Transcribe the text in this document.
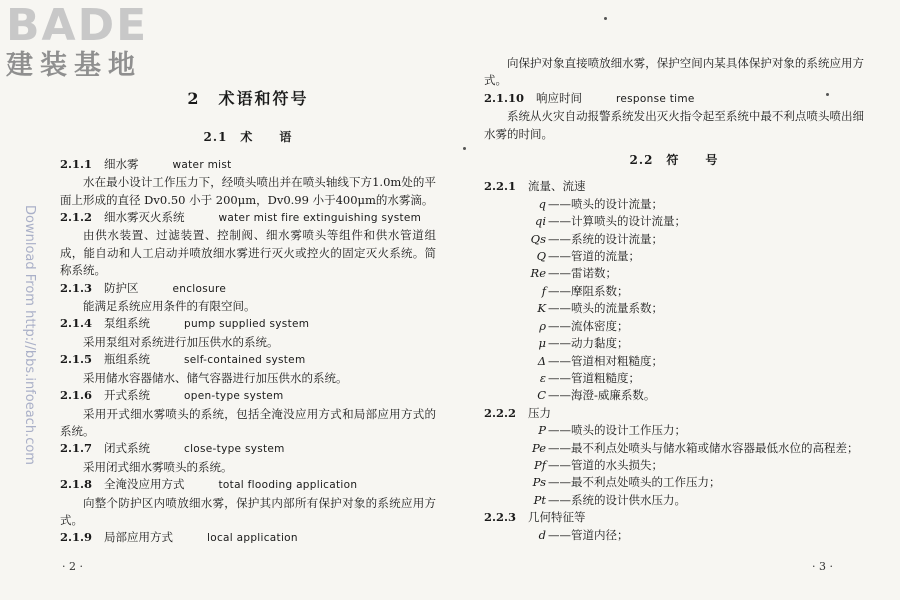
BADE
建装基地
Download From http://bbs.infoeach.com
2　术语和符号
2.1　术　　语
2.1.1 细水雾	water mist
水在最小设计工作压力下，经喷头喷出并在喷头轴线下方1.0m处的平面上形成的直径 Dv0.50 小于 200μm，Dv0.99 小于400μm的水雾滴。
2.1.2 细水雾灭火系统	water mist fire extinguishing system
由供水装置、过滤装置、控制阀、细水雾喷头等组件和供水管道组成，能自动和人工启动并喷放细水雾进行灭火或控火的固定灭火系统。简称系统。
2.1.3 防护区	enclosure
能满足系统应用条件的有限空间。
2.1.4 泵组系统	pump supplied system
采用泵组对系统进行加压供水的系统。
2.1.5 瓶组系统	self-contained system
采用储水容器储水、储气容器进行加压供水的系统。
2.1.6 开式系统	open-type system
采用开式细水雾喷头的系统，包括全淹没应用方式和局部应用方式的系统。
2.1.7 闭式系统	close-type system
采用闭式细水雾喷头的系统。
2.1.8 全淹没应用方式	total flooding application
向整个防护区内喷放细水雾，保护其内部所有保护对象的系统应用方式。
2.1.9 局部应用方式	local application
· 2 ·
向保护对象直接喷放细水雾，保护空间内某具体保护对象的系统应用方式。
2.1.10 响应时间	response time
系统从火灾自动报警系统发出灭火指令起至系统中最不利点喷头喷出细水雾的时间。
2.2　符　　号
2.2.1 流量、流速
q ——喷头的设计流量；
qi ——计算喷头的设计流量；
Qs ——系统的设计流量；
Q ——管道的流量；
Re ——雷诺数；
f ——摩阻系数；
K ——喷头的流量系数；
ρ ——流体密度；
μ ——动力黏度；
Δ ——管道相对粗糙度；
ε ——管道粗糙度；
C ——海澄-威廉系数。
2.2.2 压力
P ——喷头的设计工作压力；
Pe ——最不利点处喷头与储水箱或储水容器最低水位的高程差；
Pf ——管道的水头损失；
Ps ——最不利点处喷头的工作压力；
Pt ——系统的设计供水压力。
2.2.3 几何特征等
d ——管道内径；
· 3 ·
